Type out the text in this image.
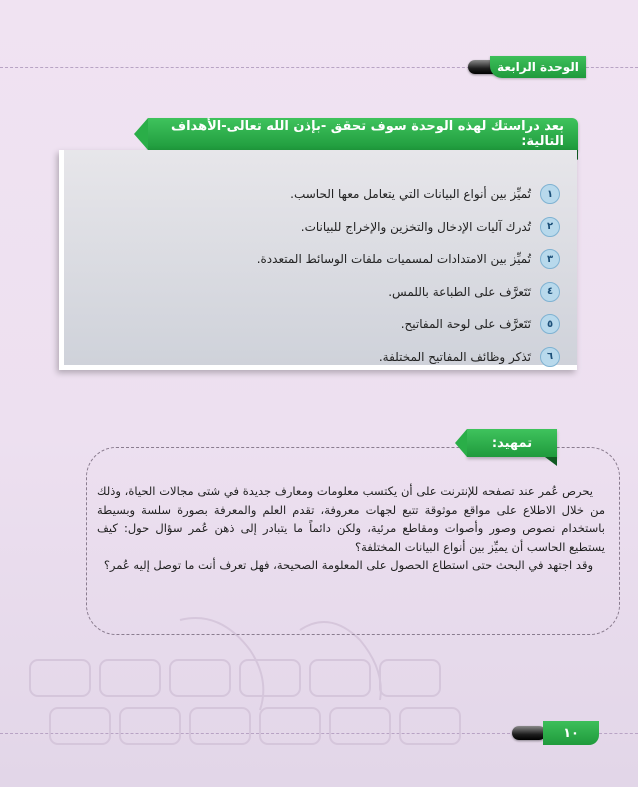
الوحدة الرابعة
بعد دراستك لهذه الوحدة سوف تحقق -بإذن الله تعالى-الأهداف التالية:
١
تُميِّز بين أنواع البيانات التي يتعامل معها الحاسب.
٢
تُدرك آليات الإدخال والتخزين والإخراج للبيانات.
٣
تُميِّز بين الامتدادات لمسميات ملفات الوسائط المتعددة.
٤
تَتَعرَّف على الطباعة باللمس.
٥
تَتَعرَّف على لوحة المفاتيح.
٦
تَذكر وظائف المفاتيح المختلفة.

يحرص عُمر عند تصفحه للإنترنت على أن يكتسب معلومات ومعارف جديدة في شتى مجالات الحياة، وذلك من خلال الاطلاع على مواقع موثوقة تتبع لجهات معروفة، تقدم العلم والمعرفة بصورة سلسة وبسيطة باستخدام نصوص وصور وأصوات ومقاطع مرئية، ولكن دائماً ما يتبادر إلى ذهن عُمر سؤال حول: كيف يستطيع الحاسب أن يميِّز بين أنواع البيانات المختلفة؟

وقد اجتهد في البحث حتى استطاع الحصول على المعلومة الصحيحة، فهل تعرف أنت ما توصل إليه عُمر؟

تمهيد:
١٠
